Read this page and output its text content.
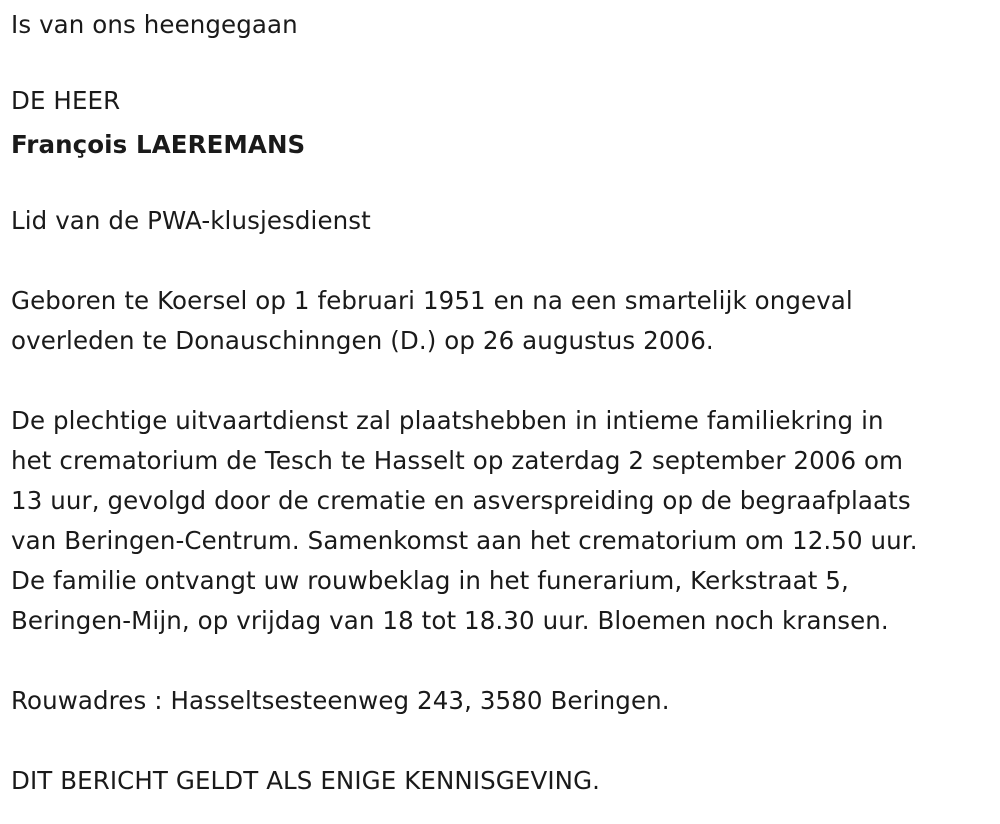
Is van ons heengegaan
DE HEER
François LAEREMANS
Lid van de PWA-klusjesdienst
Geboren te Koersel op 1 februari 1951 en na een smartelijk ongeval
overleden te Donauschinngen (D.) op 26 augustus 2006.
De plechtige uitvaartdienst zal plaatshebben in intieme familiekring in
het crematorium de Tesch te Hasselt op zaterdag 2 september 2006 om
13 uur, gevolgd door de crematie en asverspreiding op de begraafplaats
van Beringen-Centrum. Samenkomst aan het crematorium om 12.50 uur.
De familie ontvangt uw rouwbeklag in het funerarium, Kerkstraat 5,
Beringen-Mijn, op vrijdag van 18 tot 18.30 uur. Bloemen noch kransen.
Rouwadres : Hasseltsesteenweg 243, 3580 Beringen.
DIT BERICHT GELDT ALS ENIGE KENNISGEVING.
